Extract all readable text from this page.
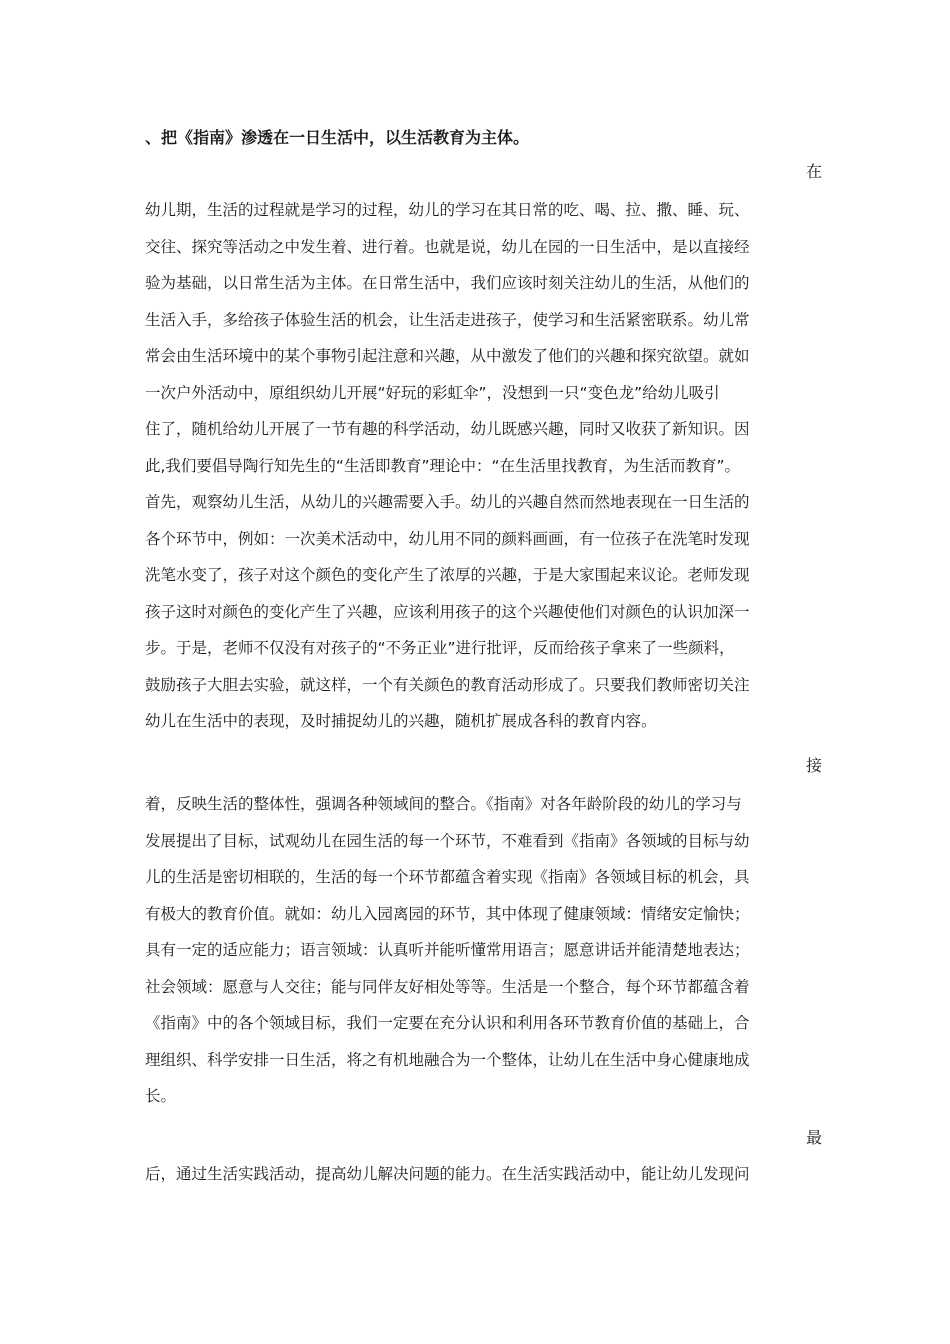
、把《指南》渗透在一日生活中，以生活教育为主体。
在
幼儿期，生活的过程就是学习的过程，幼儿的学习在其日常的吃、喝、拉、撒、睡、玩、
交往、探究等活动之中发生着、进行着。也就是说，幼儿在园的一日生活中，是以直接经
验为基础，以日常生活为主体。在日常生活中，我们应该时刻关注幼儿的生活，从他们的
生活入手，多给孩子体验生活的机会，让生活走进孩子，使学习和生活紧密联系。幼儿常
常会由生活环境中的某个事物引起注意和兴趣，从中激发了他们的兴趣和探究欲望。就如
一次户外活动中，原组织幼儿开展“好玩的彩虹伞”，没想到一只“变色龙”给幼儿吸引
住了，随机给幼儿开展了一节有趣的科学活动，幼儿既感兴趣，同时又收获了新知识。因
此,我们要倡导陶行知先生的“生活即教育”理论中：“在生活里找教育，为生活而教育”。
首先，观察幼儿生活，从幼儿的兴趣需要入手。幼儿的兴趣自然而然地表现在一日生活的
各个环节中，例如：一次美术活动中，幼儿用不同的颜料画画，有一位孩子在洗笔时发现
洗笔水变了，孩子对这个颜色的变化产生了浓厚的兴趣，于是大家围起来议论。老师发现
孩子这时对颜色的变化产生了兴趣，应该利用孩子的这个兴趣使他们对颜色的认识加深一
步。于是，老师不仅没有对孩子的“不务正业”进行批评，反而给孩子拿来了一些颜料，
鼓励孩子大胆去实验，就这样，一个有关颜色的教育活动形成了。只要我们教师密切关注
幼儿在生活中的表现，及时捕捉幼儿的兴趣，随机扩展成各科的教育内容。
接
着，反映生活的整体性，强调各种领域间的整合。《指南》对各年龄阶段的幼儿的学习与
发展提出了目标，试观幼儿在园生活的每一个环节，不难看到《指南》各领域的目标与幼
儿的生活是密切相联的，生活的每一个环节都蕴含着实现《指南》各领域目标的机会，具
有极大的教育价值。就如：幼儿入园离园的环节，其中体现了健康领域：情绪安定愉快；
具有一定的适应能力；语言领域：认真听并能听懂常用语言；愿意讲话并能清楚地表达；
社会领域：愿意与人交往；能与同伴友好相处等等。生活是一个整合，每个环节都蕴含着
《指南》中的各个领域目标，我们一定要在充分认识和利用各环节教育价值的基础上，合
理组织、科学安排一日生活，将之有机地融合为一个整体，让幼儿在生活中身心健康地成
长。
最
后，通过生活实践活动，提高幼儿解决问题的能力。在生活实践活动中，能让幼儿发现问
